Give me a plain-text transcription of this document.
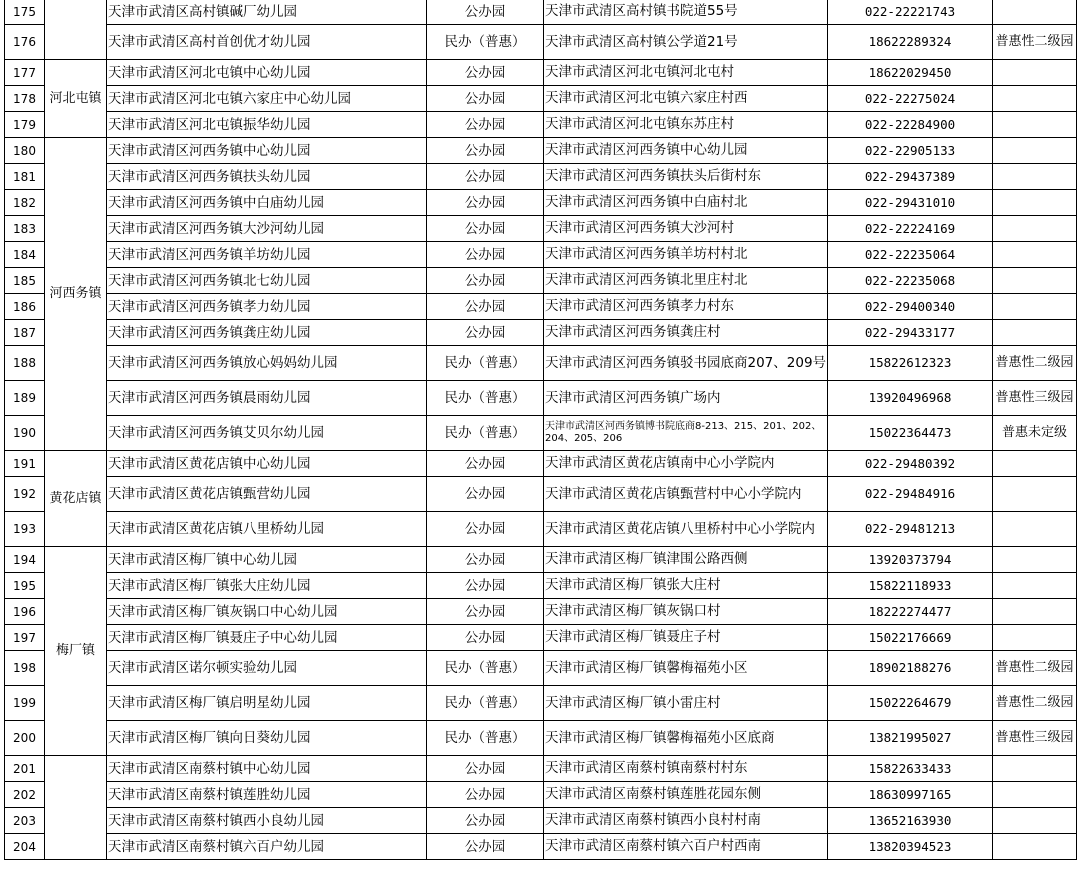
175		天津市武清区高村镇碱厂幼儿园	公办园	天津市武清区高村镇书院道55号	022-22221743	
176		天津市武清区高村首创优才幼儿园	民办（普惠）	天津市武清区高村镇公学道21号	18622289324	普惠性二级园
177	河北屯镇	天津市武清区河北屯镇中心幼儿园	公办园	天津市武清区河北屯镇河北屯村	18622029450	
178		天津市武清区河北屯镇六家庄中心幼儿园	公办园	天津市武清区河北屯镇六家庄村西	022-22275024	
179		天津市武清区河北屯镇振华幼儿园	公办园	天津市武清区河北屯镇东苏庄村	022-22284900	
180	河西务镇	天津市武清区河西务镇中心幼儿园	公办园	天津市武清区河西务镇中心幼儿园	022-22905133	
181		天津市武清区河西务镇扶头幼儿园	公办园	天津市武清区河西务镇扶头后街村东	022-29437389	
182		天津市武清区河西务镇中白庙幼儿园	公办园	天津市武清区河西务镇中白庙村北	022-29431010	
183		天津市武清区河西务镇大沙河幼儿园	公办园	天津市武清区河西务镇大沙河村	022-22224169	
184		天津市武清区河西务镇羊坊幼儿园	公办园	天津市武清区河西务镇羊坊村村北	022-22235064	
185		天津市武清区河西务镇北七幼儿园	公办园	天津市武清区河西务镇北里庄村北	022-22235068	
186		天津市武清区河西务镇孝力幼儿园	公办园	天津市武清区河西务镇孝力村东	022-29400340	
187		天津市武清区河西务镇龚庄幼儿园	公办园	天津市武清区河西务镇龚庄村	022-29433177	
188		天津市武清区河西务镇放心妈妈幼儿园	民办（普惠）	天津市武清区河西务镇驳书园底商207、209号	15822612323	普惠性二级园
189		天津市武清区河西务镇晨雨幼儿园	民办（普惠）	天津市武清区河西务镇广场内	13920496968	普惠性三级园
190		天津市武清区河西务镇艾贝尔幼儿园	民办（普惠）	天津市武清区河西务镇博书院底商8-213、215、201、202、204、205、206	15022364473	普惠未定级
191	黄花店镇	天津市武清区黄花店镇中心幼儿园	公办园	天津市武清区黄花店镇南中心小学院内	022-29480392	
192		天津市武清区黄花店镇甄营幼儿园	公办园	天津市武清区黄花店镇甄营村中心小学院内	022-29484916	
193		天津市武清区黄花店镇八里桥幼儿园	公办园	天津市武清区黄花店镇八里桥村中心小学院内	022-29481213	
194	梅厂镇	天津市武清区梅厂镇中心幼儿园	公办园	天津市武清区梅厂镇津围公路西侧	13920373794	
195		天津市武清区梅厂镇张大庄幼儿园	公办园	天津市武清区梅厂镇张大庄村	15822118933	
196		天津市武清区梅厂镇灰锅口中心幼儿园	公办园	天津市武清区梅厂镇灰锅口村	18222274477	
197		天津市武清区梅厂镇聂庄子中心幼儿园	公办园	天津市武清区梅厂镇聂庄子村	15022176669	
198		天津市武清区诺尔顿实验幼儿园	民办（普惠）	天津市武清区梅厂镇馨梅福苑小区	18902188276	普惠性二级园
199		天津市武清区梅厂镇启明星幼儿园	民办（普惠）	天津市武清区梅厂镇小雷庄村	15022264679	普惠性二级园
200		天津市武清区梅厂镇向日葵幼儿园	民办（普惠）	天津市武清区梅厂镇馨梅福苑小区底商	13821995027	普惠性三级园
201		天津市武清区南蔡村镇中心幼儿园	公办园	天津市武清区南蔡村镇南蔡村村东	15822633433	
202		天津市武清区南蔡村镇莲胜幼儿园	公办园	天津市武清区南蔡村镇莲胜花园东侧	18630997165	
203		天津市武清区南蔡村镇西小良幼儿园	公办园	天津市武清区南蔡村镇西小良村村南	13652163930	
204		天津市武清区南蔡村镇六百户幼儿园	公办园	天津市武清区南蔡村镇六百户村西南	13820394523	
